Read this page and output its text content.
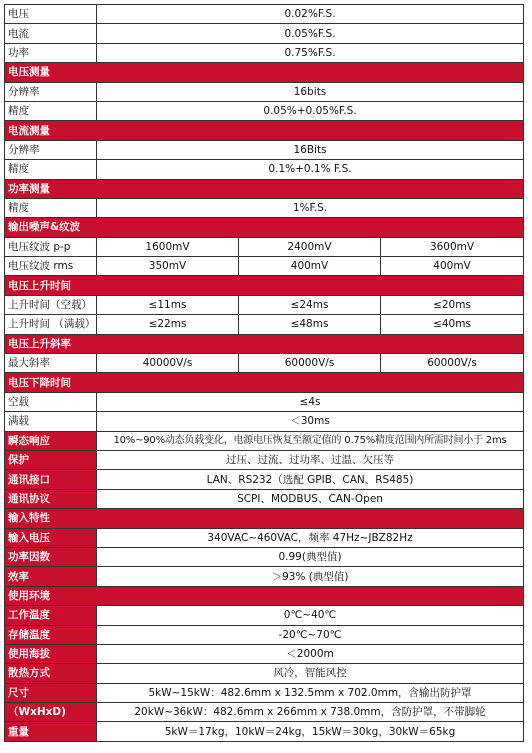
电压	0.02%F.S.		
电流	0.05%F.S.		
功率	0.75%F.S.		
电压测量			
分辨率	16bits		
精度	0.05%+0.05%F.S.		
电流测量			
分辨率	16Bits		
精度	0.1%+0.1% F.S.		
功率测量			
精度	1%F.S.		
输出噪声&纹波			
电压纹波 p-p	1600mV	2400mV	3600mV
电压纹波 rms	350mV	400mV	400mV
电压上升时间			
上升时间（空载）	≤11ms	≤24ms	≤20ms
上升时间 （满载）	≤22ms	≤48ms	≤40ms
电压上升斜率			
最大斜率	40000V/s	60000V/s	60000V/s
电压下降时间			
空载	≤4s		
满载	＜30ms		
瞬态响应	10%~90%动态负载变化，电源电压恢复至额定值的 0.75%精度范围内所需时间小于 2ms		
保护	过压、过流、过功率、过温、欠压等		
通讯接口	LAN、RS232（选配 GPIB、CAN、RS485)		
通讯协议	SCPI、MODBUS、CAN-Open		
输入特性			
输入电压	340VAC~460VAC，频率 47Hz~JBZ82Hz		
功率因数	0.99(典型值)		
效率	＞93% (典型值)		
使用环境			
工作温度	0℃~40℃		
存储温度	-20℃~70℃		
使用海拔	＜2000m		
散热方式	风冷，智能风控		
尺寸	5kW~15kW：482.6mm x 132.5mm x 702.0mm，含输出防护罩		
（WxHxD)	20kW~36kW：482.6mm x 266mm x 738.0mm，含防护罩，不带脚轮		
重量	5kW＝17kg，10kW＝24kg，15kW＝30kg，30kW＝65kg		
